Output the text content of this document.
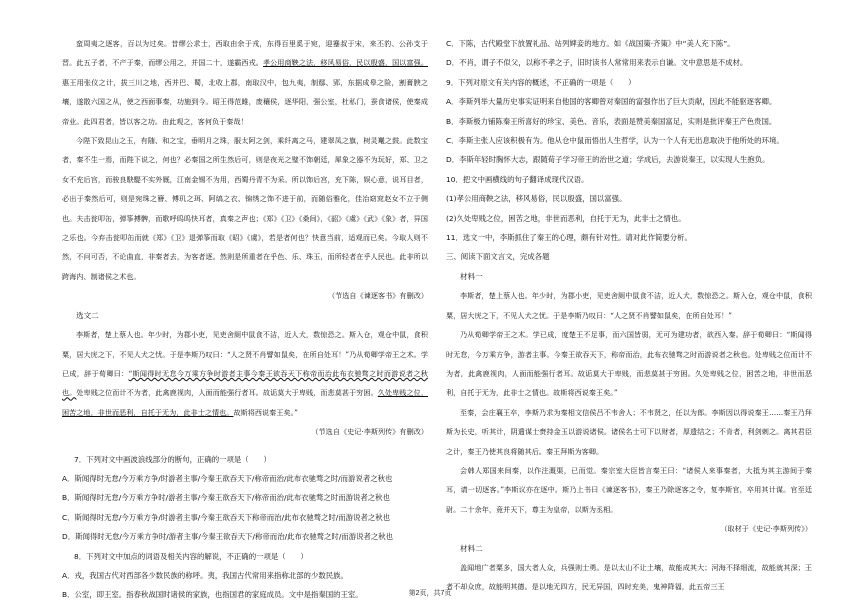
蛮周夷之逐客，百以为过矣。昔缪公求士，西取由余于戎，东得百里奚于宛，迎蹇叔于宋，来丕豹、公孙支于晋。此五子者，不产于秦，而缪公用之，并国二十，遂霸西戎。孝公用商鞅之法，移风易俗，民以殷盛，国以富强。惠王用张仪之计，拔三川之地，西并巴、蜀，北收上郡，南取汉中，包九夷，制鄢、郢，东据成皋之险，割膏腴之壤，遂散六国之从，使之西面事秦，功施到今。昭王得范雎，废穰侯，逐华阳，强公室，杜私门，蚕食诸侯，使秦成帝业。此四君者，皆以客之功。由此观之，客何负于秦哉！

今陛下致昆山之玉，有随、和之宝，垂明月之珠，服太阿之剑，乘纤离之马，建翠凤之旗，树灵鼍之鼓。此数宝者，秦不生一焉，而陛下说之，何也？必秦国之所生然后可，则是夜光之璧不饰朝廷，犀象之器不为玩好，郑、卫之女不充后宫，而骏良駃騠不实外厩，江南金锡不为用，西蜀丹青不为采。所以饰后宫，充下陈，娱心意，说耳目者，必出于秦然后可，则是宛珠之簪、傅玑之珥、阿缟之衣、锦绣之饰不进于前，而随俗雅化，佳冶窈窕赵女不立于侧也。夫击瓮叩缶，弹筝搏髀，而歌呼呜呜快耳者，真秦之声也；《郑》《卫》《桑间》，《韶》《虞》《武》《象》者，异国之乐也。今弃击瓮叩缶而就《郑》《卫》退弹筝而取《昭》《虞》，若是者何也？快意当前，适观而已矣。今取人则不然，不问可否，不论曲直，非秦者去，为客者逐。然则是所重者在乎色、乐、珠玉，而所轻者在乎人民也。此非所以跨海内、制诸侯之术也。

（节选自《谏逐客书》有删改）

选文二

李斯者，楚上蔡人也。年少时，为郡小吏，见吏舍厕中鼠食不洁，近人犬，数惊恐之。斯入仓，观仓中鼠，食积粟，居大庑之下，不见人犬之忧。于是李斯乃叹曰：“人之贤不肖譬如鼠矣，在所自处耳！”乃从荀卿学帝王之术。学已成，辞于荀卿曰：“斯闻得时无怠今万乘方争时游者主事今秦王欲吞天下称帝而治此布衣驰骛之时而游说者之秋也。处卑贱之位而计不为者，此禽鹿视肉，人面而能强行者耳。故诟莫大于卑贱，而悲莫甚于穷困。久处卑贱之位，困苦之地，非世而恶利，自托于无为，此非士之情也。故斯将西说秦王矣。”

（节选自《史记·李斯列传》有删改）

7．下列对文中画波浪线部分的断句，正确的一项是（　　）

A．斯闻得时无怠/今万乘方争/时游者主事/今秦王欲吞天下/称帝而治/此布衣驰骛之时/而游说者之秋也

B．斯闻得时无怠/今万乘方争时/游者主事/今秦王欲吞天下/称帝而治/此布衣驰骛之时而游说者之秋也

C．斯闻得时无怠/今万乘方争/时游者主事/今秦王欲吞天下称帝而治/此布衣驰骛之时/而游说者之秋也

D．斯闻得时无怠/今万乘方争时/游者主事/今秦王欲吞天下/称帝而治/此布衣驰骛之时/而游说者之秋也

8．下列对文中加点的词语及相关内容的解说，不正确的一项是（　　）

A．戎，我国古代对西部各少数民族的称呼。夷，我国古代常用来指称北部的少数民族。

B．公室，即王室。指春秋战国时诸侯的家族，也指国君的家庭成员。文中是指秦国的王室。

C．下陈，古代殿堂下放置礼品、站列婢妾的地方。如《战国策·齐策》中“美人充下陈”。

D．不肖，谓子不似父，以称不孝之子，旧时读书人常常用来表示自谦。文中意思是不成材。

9．下列对原文有关内容的概述，不正确的一项是（　　）

A．李斯列举大量历史事实证明来自他国的客卿曾对秦国的富强作出了巨大贡献，因此不能驱逐客卿。

B．李斯极力铺陈秦王所喜好的珍宝、美色、音乐，表面是赞美秦国富足，实则是批评秦王产色贵国。

C．李斯主张人应该积极有为。他从仓中鼠而悟出人生哲学，认为一个人有无出息取决于他所处的环境。

D．李斯年轻时胸怀大志，跟随荀子学习帝王的治世之道；学成后，去游说秦王，以实现人生抱负。

10．把文中画横线的句子翻译成现代汉语。

(1)孝公用商鞅之法，移风易俗，民以殷盛，国以富强。

(2)久处卑贱之位，困苦之地，非世而恶利，自托于无为，此非士之情也。

11．选文一中，李斯抓住了秦王的心理，颇有针对性。请对此作简要分析。

三、阅读下面文言文，完成各题

材料一

李斯者，楚上蔡人也。年少时，为郡小吏，见吏舍厕中鼠食不洁，近人犬，数惊恐之。斯入仓，观仓中鼠，食积粟，居大庑之下，不见人犬之忧。于是李斯乃叹曰：“人之贤不肖譬如鼠矣，在所自处耳！”

乃从荀卿学帝王之术。学已成，度楚王不足事，而六国皆弱，无可为建功者，欲西入秦。辞于荀卿曰：“斯闻得时无怠，今万乘方争，游者主事。今秦王欲吞天下，称帝而治，此布衣驰骛之时而游说者之秋也。处卑贱之位而计不为者，此禽鹿视肉，人面而能强行者耳。故诟莫大于卑贱，而悲莫甚于穷困。久处卑贱之位，困苦之地，非世而恶利，自托于无为，此非士之情也。故斯将西说秦王矣。”

至秦，会庄襄王卒，李斯乃求为秦相文信侯吕不韦舍人；不韦贤之，任以为郎。李斯因以得说秦王……秦王乃拜斯为长史，听其计，阴遣谋士赍持金玉以游说诸侯。诸侯名士可下以财者，厚遗结之；不肯者，利剑刺之。离其君臣之计，秦王乃使其良将随其后。秦王拜斯为客卿。

会韩人郑国来间秦，以作注溉渠，已而觉。秦宗室大臣皆言秦王曰：“诸侯人来事秦者，大抵为其主游间于秦耳，请一切逐客。”李斯议亦在逐中。斯乃上书曰《谏逐客书》，秦王乃除逐客之令，复李斯官，卒用其计谋。官至廷尉。二十余年，竟并天下，尊主为皇帝，以斯为丞相。

（取材于《史记·李斯列传》）

材料二

盖闻地广者粟多，国大者人众，兵强则士勇。是以太山不让土壤，故能成其大；河海不择细流，故能就其深；王者不却众庶，故能明其德。是以地无四方，民无异国，四时充美，鬼神降福，此五帝三王

第2页，共7页
